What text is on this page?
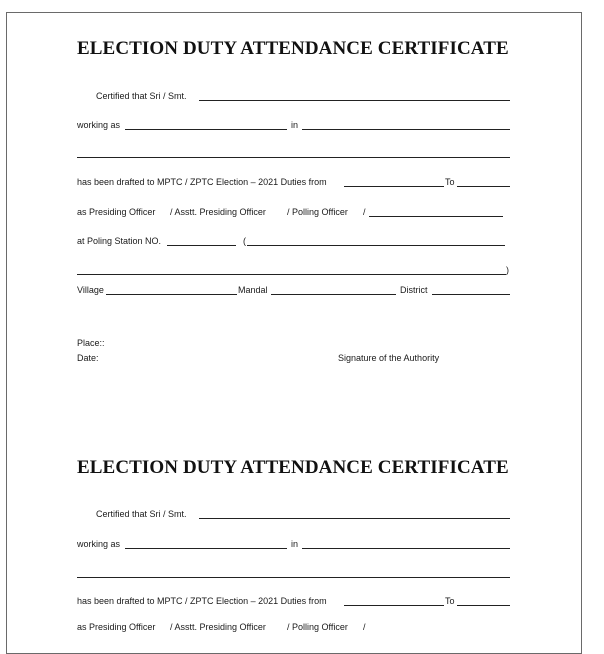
ELECTION DUTY ATTENDANCE CERTIFICATE
Certified that Sri / Smt.
working as	in
has been drafted to MPTC / ZPTC Election – 2021 Duties from	To
as Presiding Officer / Asstt. Presiding Officer / Polling Officer /
at Poling Station NO.	(
)
Village	Mandal	District
Place::
Date:	Signature of the Authority
ELECTION DUTY ATTENDANCE CERTIFICATE
Certified that Sri / Smt.
working as	in
has been drafted to MPTC / ZPTC Election – 2021 Duties from	To
as Presiding Officer / Asstt. Presiding Officer / Polling Officer /
